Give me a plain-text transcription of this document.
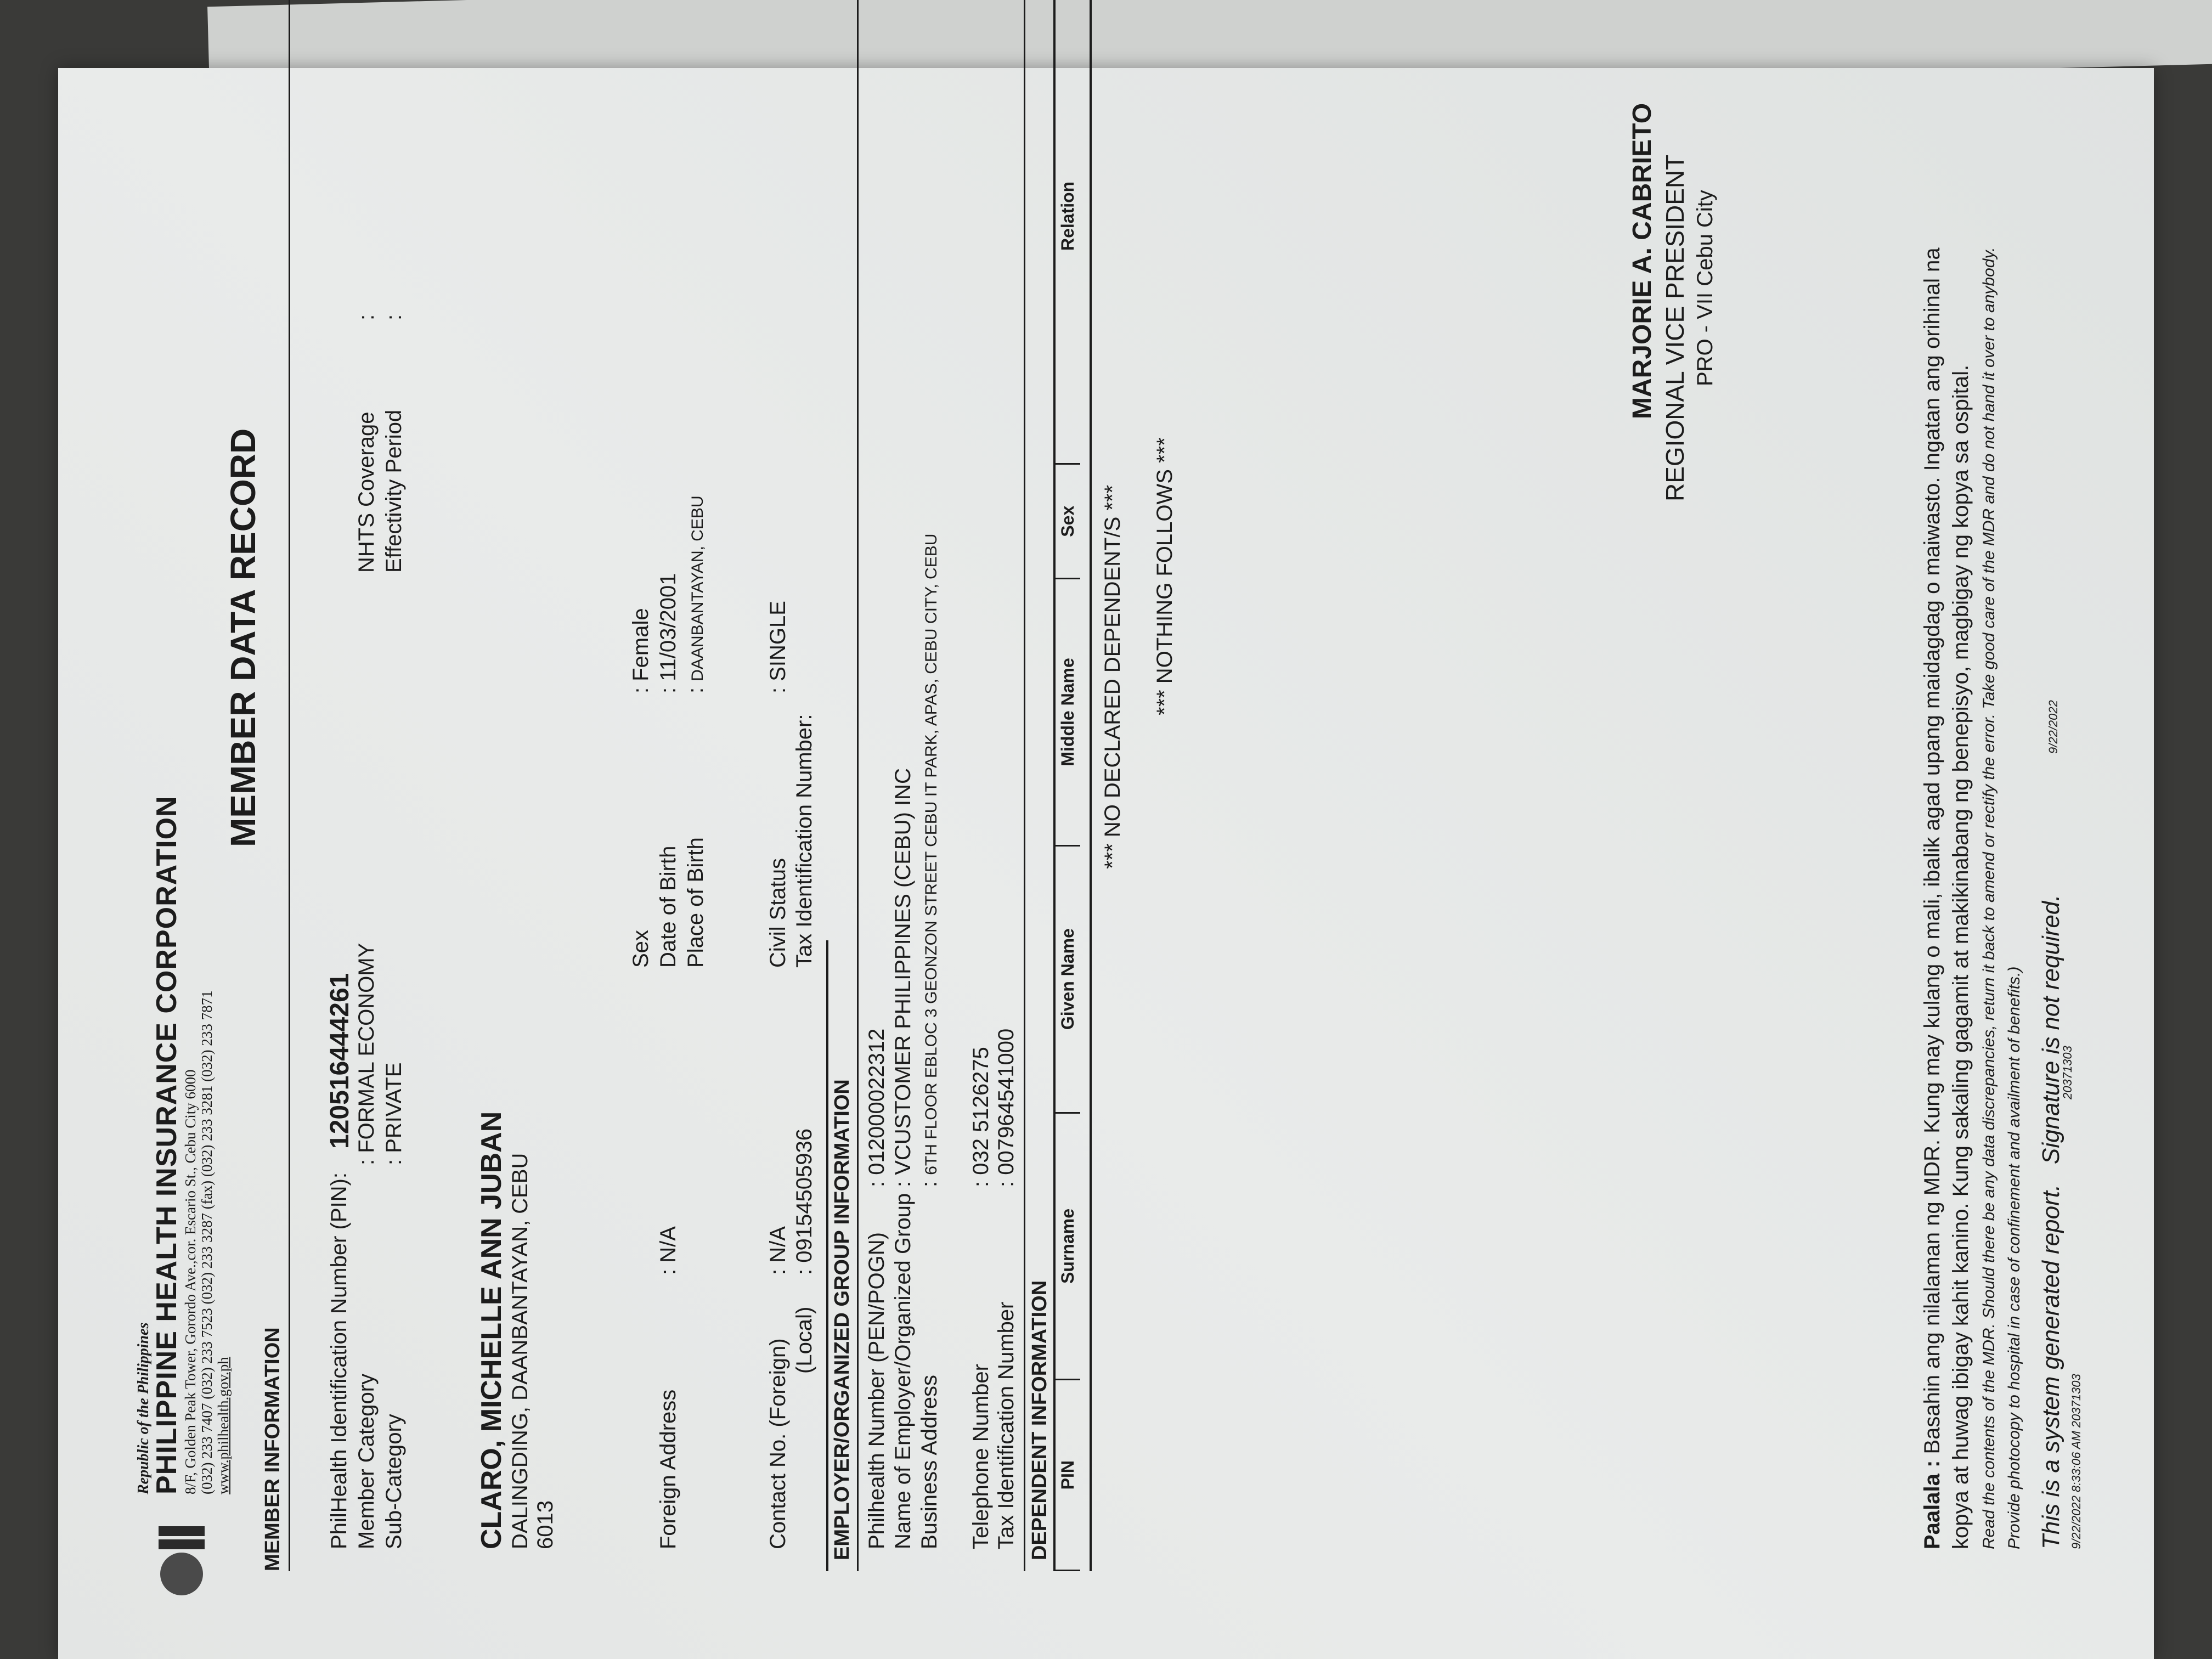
Republic of the Philippines
PHILIPPINE HEALTH INSURANCE CORPORATION 8/F, Golden Peak Tower, Gorordo Ave.,cor. Escario St., Cebu City 6000 (032) 233 7407 (032) 233 7523 (032) 233 3287 (fax) (032) 233 3281 (032) 233 7871 www.philhealth.gov.ph
MEMBER DATA RECORD
MEMBER INFORMATION PhilHealth Identification Number (PIN):
120516444261
Member Category
: FORMAL ECONOMY
Sub-Category
: PRIVATE
NHTS Coverage
:
Effectivity Period
:
CLARO, MICHELLE ANN JUBAN DALINGDING, DAANBANTAYAN, CEBU 6013
Sex
: Female
Date of Birth
: 11/03/2001
Place of Birth
: DAANBANTAYAN, CEBU
Foreign Address
: N/A
Contact No. (Foreign)
: N/A
(Local)
: 09154505936
Civil Status
: SINGLE
Tax Identification Number:
EMPLOYER/ORGANIZED GROUP INFORMATION Philhealth Number (PEN/POGN)
: 012000022312
Name of Employer/Organized Group
: VCUSTOMER PHILIPPINES (CEBU) INC
Business Address
: 6TH FLOOR EBLOC 3 GEONZON STREET CEBU IT PARK, APAS, CEBU CITY, CEBU
Telephone Number
: 032 5126275
Tax Identification Number
: 007964541000
DEPENDENT INFORMATION PIN	Surname	Given Name	Middle Name	Sex	Relation	
*** NO DECLARED DEPENDENT/S *** *** NOTHING FOLLOWS ***
MARJORIE A. CABRIETO REGIONAL VICE PRESIDENT PRO - VII Cebu City
Paalala : Basahin ang nilalaman ng MDR. Kung may kulang o mali, ibalik agad upang maidagdag o maiwasto. Ingatan ang orihinal na kopya at huwag ibigay kahit kanino. Kung sakaling gagamit at makikinabang ng benepisyo, magbigay ng kopya sa ospital. Read the contents of the MDR. Should there be any data discrepancies, return it back to amend or rectify the error. Take good care of the MDR and do not hand it over to anybody. Provide photocopy to hospital in case of confinement and availment of benefits.) This is a system generated report.   Signature is not required.
9/22/2022 8:33:06 AM 20371303
20371303
9/22/2022
